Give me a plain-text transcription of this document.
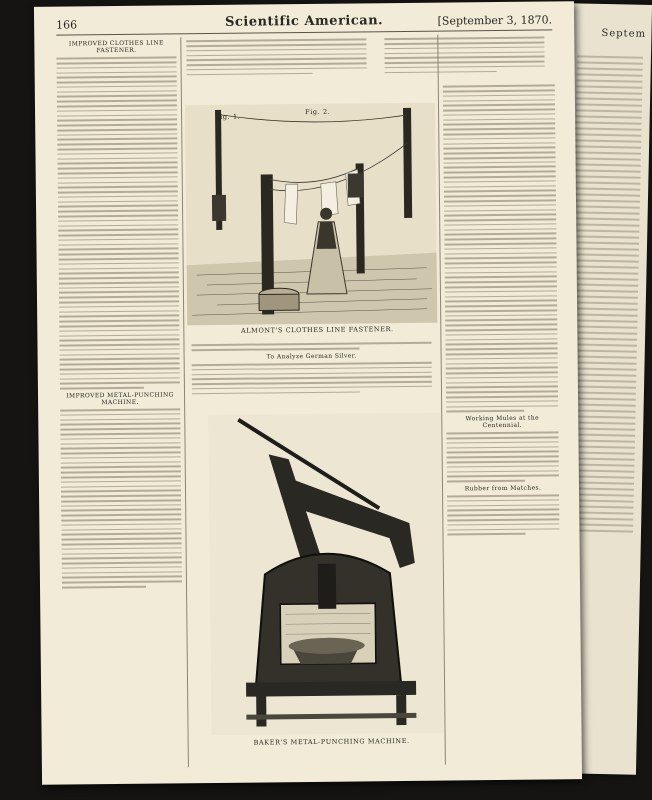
Septem
166	Scientific American.	[September 3, 1870.
IMPROVED CLOTHES LINE FASTENER.
IMPROVED METAL-PUNCHING MACHINE.
Fig. 1.
Fig. 2.
ALMONT'S CLOTHES LINE FASTENER.
Working Mules at the Centennial.
Rubber from Matches.
To Analyze German Silver.
BAKER'S METAL-PUNCHING MACHINE.
